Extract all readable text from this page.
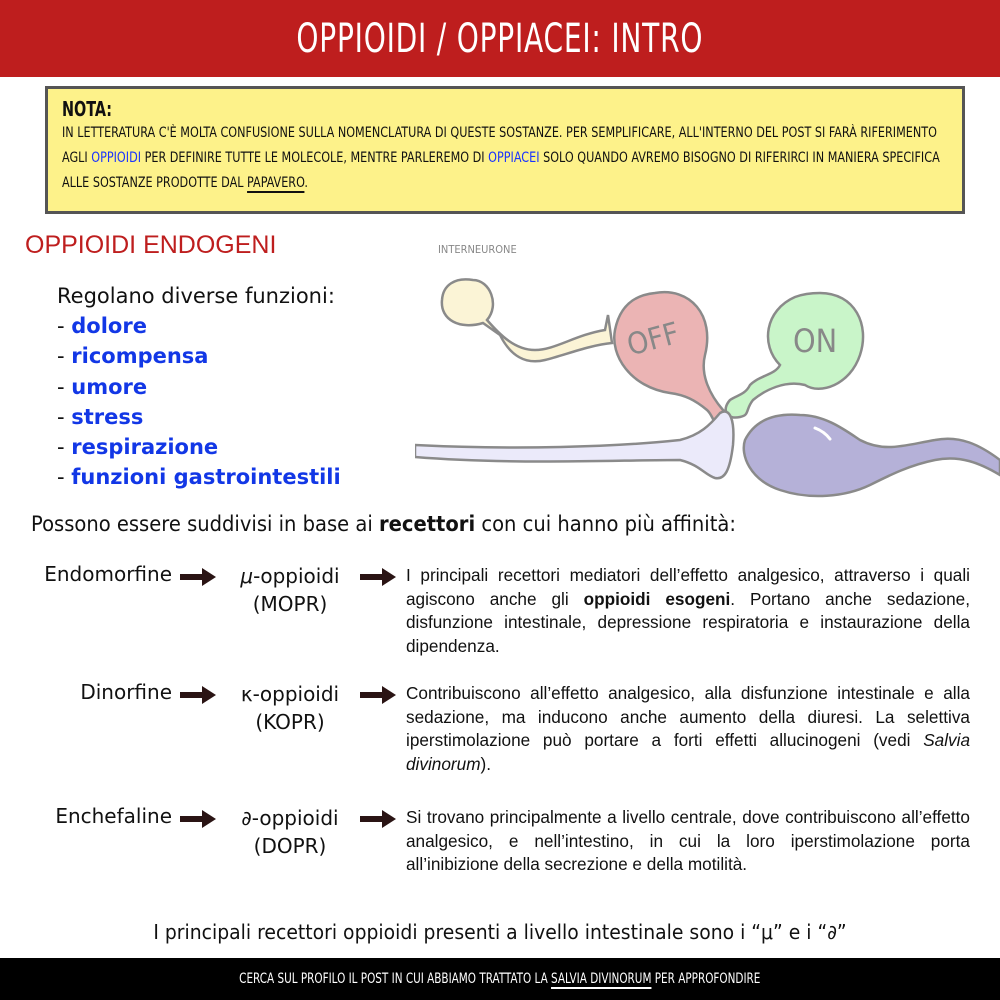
OPPIOIDI / OPPIACEI: INTRO
NOTA:
IN LETTERATURA C'È MOLTA CONFUSIONE SULLA NOMENCLATURA DI QUESTE SOSTANZE. PER SEMPLIFICARE, ALL'INTERNO DEL POST SI FARÀ RIFERIMENTO AGLI OPPIOIDI PER DEFINIRE TUTTE LE MOLECOLE, MENTRE PARLEREMO DI OPPIACEI SOLO QUANDO AVREMO BISOGNO DI RIFERIRCI IN MANIERA SPECIFICA ALLE SOSTANZE PRODOTTE DAL PAPAVERO.
OPPIOIDI ENDOGENI
Regolano diverse funzioni:
- dolore
- ricompensa
- umore
- stress
- respirazione
- funzioni gastrointestili
OFF	ON
INTERNEURONE
Possono essere suddivisi in base ai recettori con cui hanno più affinità:
Endomorfine	μ-oppioidi
(MOPR)
I principali recettori mediatori dell’effetto analgesico, attraverso i quali agiscono anche gli oppioidi esogeni. Portano anche sedazione, disfunzione intestinale, depressione respiratoria e instaurazione della dipendenza.
Dinorfine	κ-oppioidi
(KOPR)
Contribuiscono all’effetto analgesico, alla disfunzione intestinale e alla sedazione, ma inducono anche aumento della diuresi. La selettiva iperstimolazione può portare a forti effetti allucinogeni (vedi Salvia divinorum).
Enchefaline	∂-oppioidi
(DOPR)
Si trovano principalmente a livello centrale, dove contribuiscono all’effetto analgesico, e nell’intestino, in cui la loro iperstimolazione porta all’inibizione della secrezione e della motilità.
I principali recettori oppioidi presenti a livello intestinale sono i “μ” e i “∂”
CERCA SUL PROFILO IL POST IN CUI ABBIAMO TRATTATO LA SALVIA DIVINORUM PER APPROFONDIRE
